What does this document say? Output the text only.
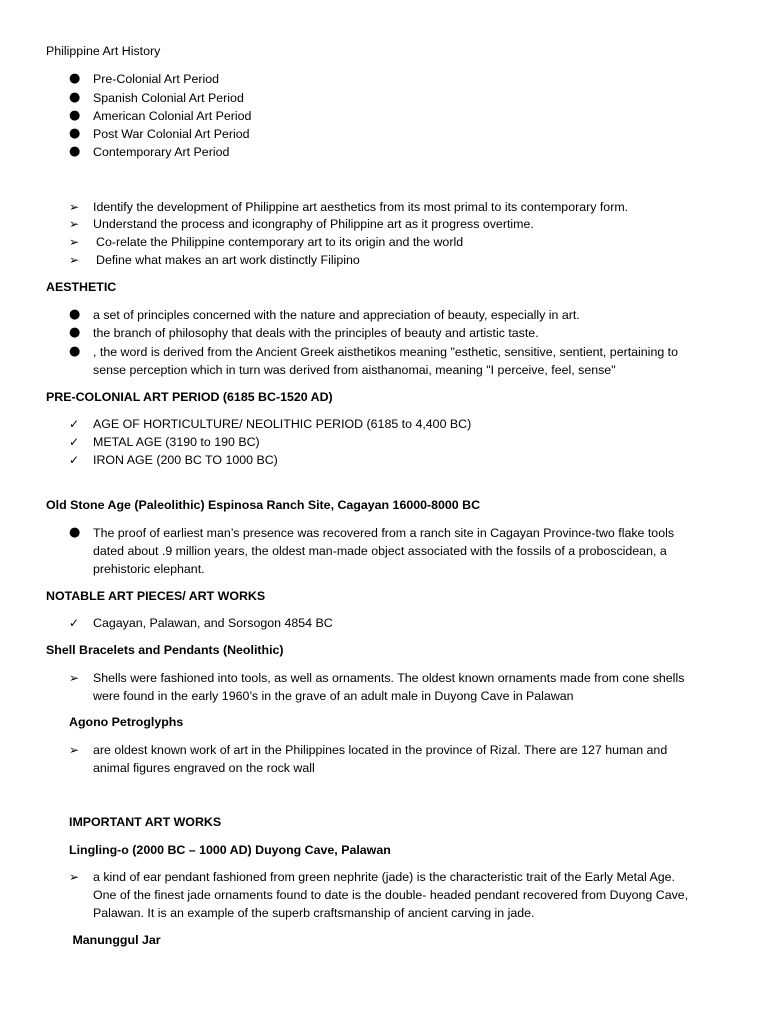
Philippine Art History
● Pre-Colonial Art Period
● Spanish Colonial Art Period
● American Colonial Art Period
● Post War Colonial Art Period
● Contemporary Art Period
➢ Identify the development of Philippine art aesthetics from its most primal to its contemporary form.
➢ Understand the process and icongraphy of Philippine art as it progress overtime.
➢ Co-relate the Philippine contemporary art to its origin and the world
➢ Define what makes an art work distinctly Filipino
AESTHETIC
● a set of principles concerned with the nature and appreciation of beauty, especially in art.
● the branch of philosophy that deals with the principles of beauty and artistic taste.
● , the word is derived from the Ancient Greek aisthetikos meaning "esthetic, sensitive, sentient, pertaining to
sense perception which in turn was derived from aisthanomai, meaning "I perceive, feel, sense"
PRE-COLONIAL ART PERIOD (6185 BC-1520 AD)
✓ AGE OF HORTICULTURE/ NEOLITHIC PERIOD (6185 to 4,400 BC)
✓ METAL AGE (3190 to 190 BC)
✓ IRON AGE (200 BC TO 1000 BC)
Old Stone Age (Paleolithic) Espinosa Ranch Site, Cagayan 16000-8000 BC
● The proof of earliest man’s presence was recovered from a ranch site in Cagayan Province-two flake tools
dated about .9 million years, the oldest man-made object associated with the fossils of a proboscidean, a
prehistoric elephant.
NOTABLE ART PIECES/ ART WORKS
✓ Cagayan, Palawan, and Sorsogon 4854 BC
Shell Bracelets and Pendants (Neolithic)
➢ Shells were fashioned into tools, as well as ornaments. The oldest known ornaments made from cone shells
were found in the early 1960’s in the grave of an adult male in Duyong Cave in Palawan
Agono Petroglyphs
➢ are oldest known work of art in the Philippines located in the province of Rizal. There are 127 human and
animal figures engraved on the rock wall
IMPORTANT ART WORKS
Lingling-o (2000 BC – 1000 AD) Duyong Cave, Palawan
➢ a kind of ear pendant fashioned from green nephrite (jade) is the characteristic trait of the Early Metal Age.
One of the finest jade ornaments found to date is the double- headed pendant recovered from Duyong Cave,
Palawan. It is an example of the superb craftsmanship of ancient carving in jade.
Manunggul Jar
